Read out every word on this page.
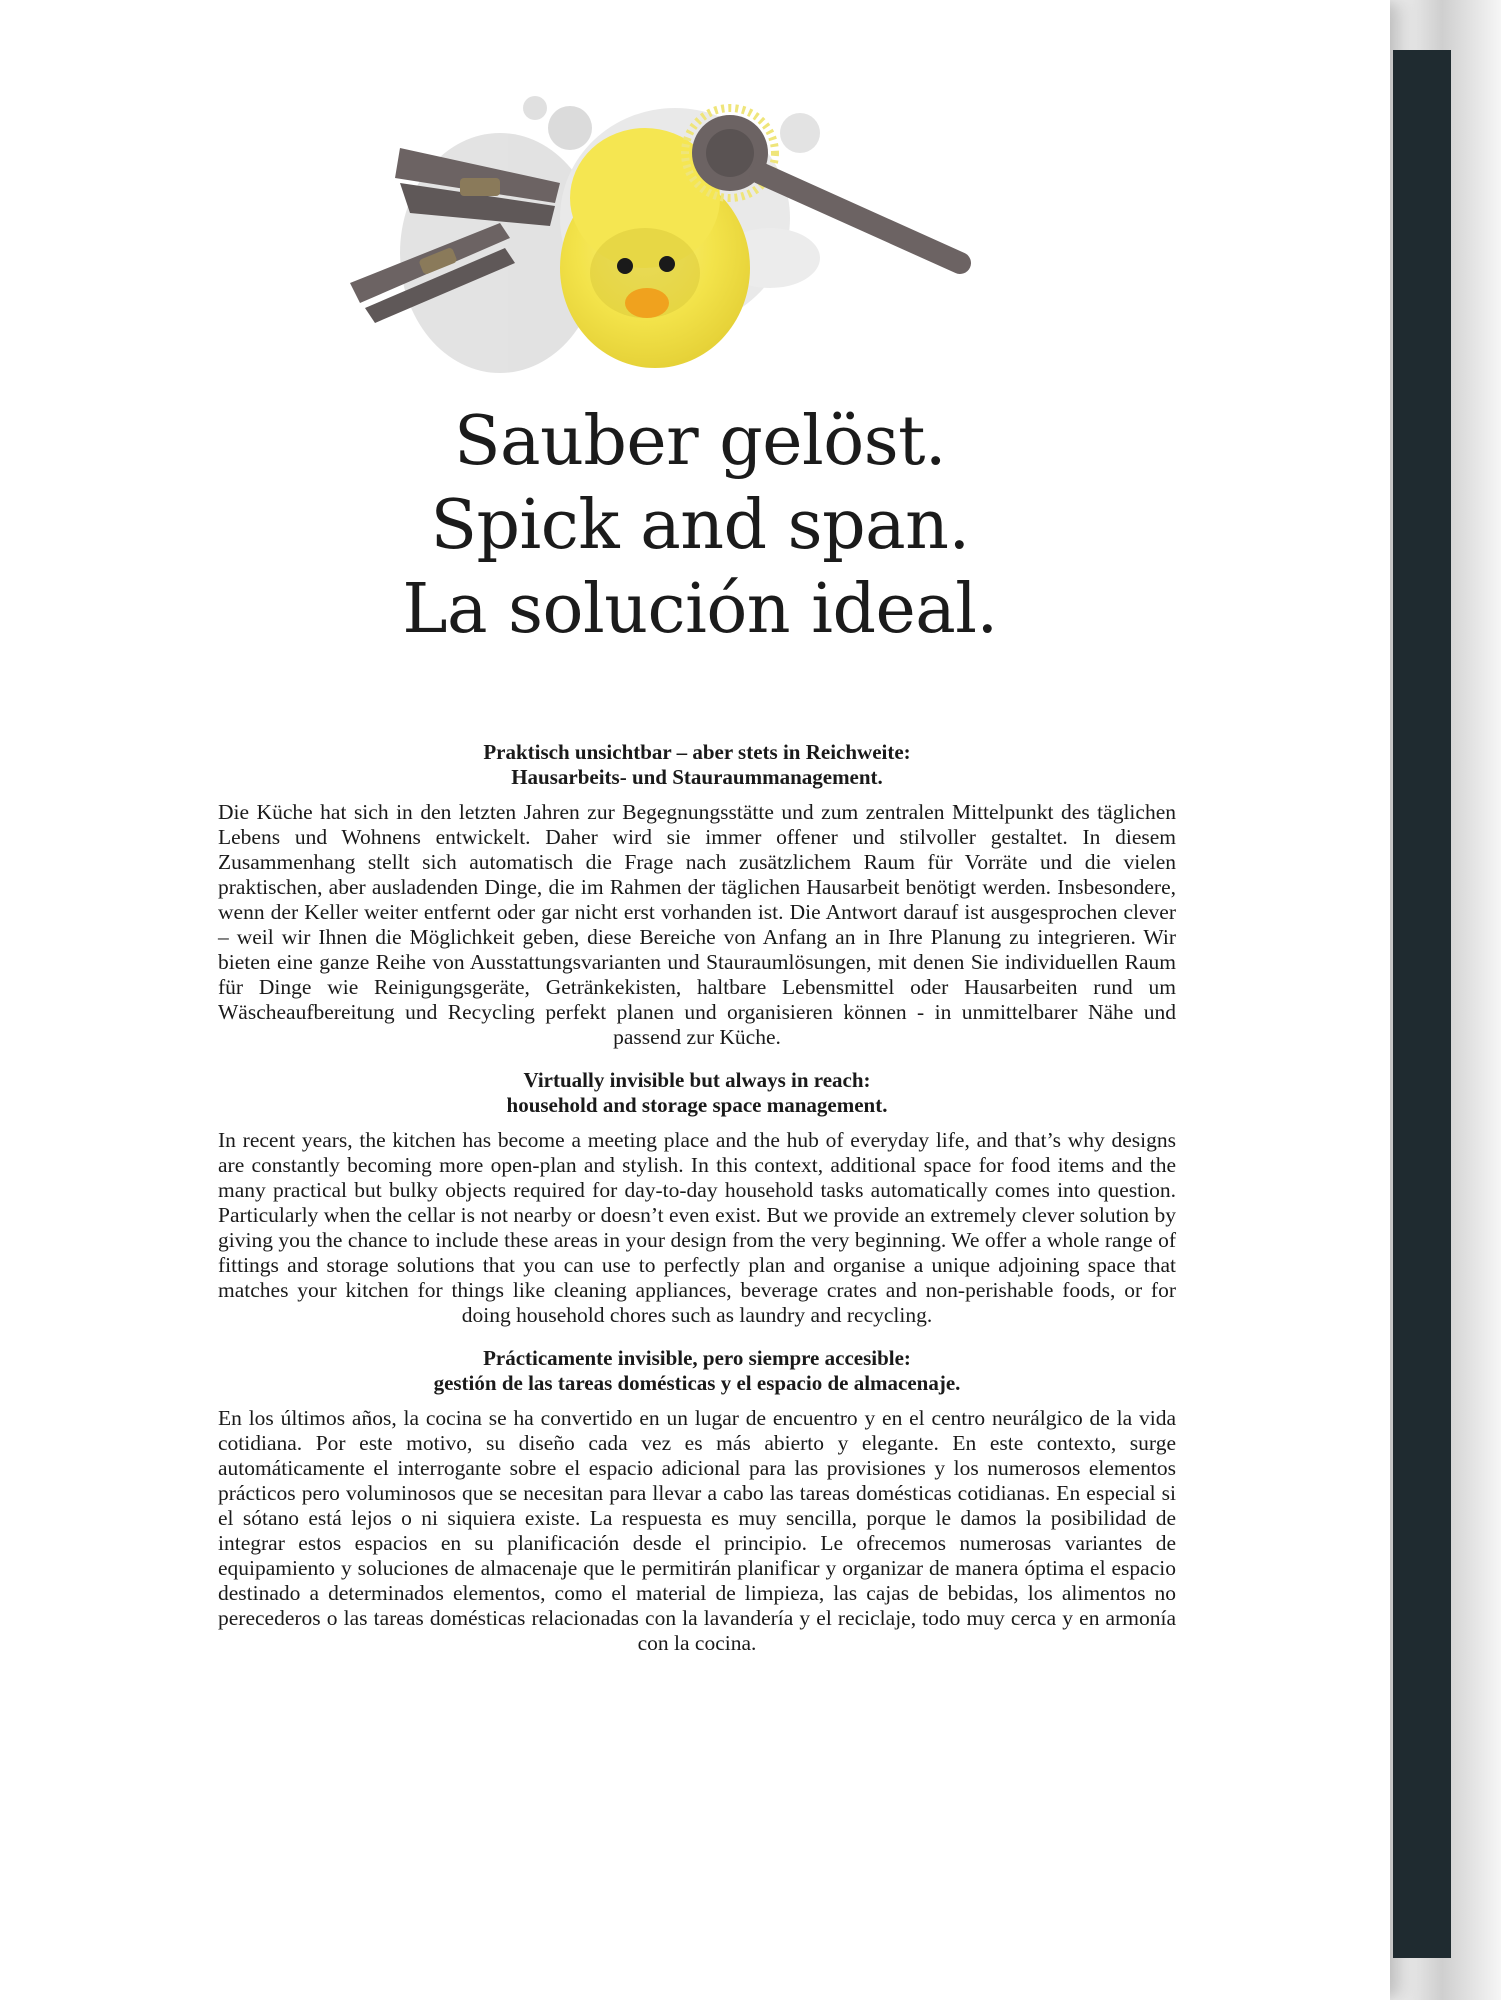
Sauber gelöst.
Spick and span.
La solución ideal.

Praktisch unsichtbar – aber stets in Reichweite:
Hausarbeits- und Stauraummanagement.

Die Küche hat sich in den letzten Jahren zur Begegnungsstätte und zum zentralen Mittelpunkt des täglichen Lebens und Wohnens entwickelt. Daher wird sie immer offener und stilvoller gestaltet. In diesem Zusammenhang stellt sich automatisch die Frage nach zusätzlichem Raum für Vorräte und die vielen praktischen, aber ausladenden Dinge, die im Rahmen der täglichen Hausarbeit benötigt werden. Insbesondere, wenn der Keller weiter entfernt oder gar nicht erst vorhanden ist. Die Antwort darauf ist ausgesprochen clever – weil wir Ihnen die Möglichkeit geben, diese Bereiche von Anfang an in Ihre Planung zu integrieren. Wir bieten eine ganze Reihe von Ausstattungsvarianten und Stauraumlösungen, mit denen Sie individuellen Raum für Dinge wie Reinigungsgeräte, Getränkekisten, haltbare Lebensmittel oder Hausarbeiten rund um Wäscheaufbereitung und Recycling perfekt planen und organisieren können - in unmittelbarer Nähe und passend zur Küche.

Virtually invisible but always in reach:
household and storage space management.

In recent years, the kitchen has become a meeting place and the hub of everyday life, and that’s why designs are constantly becoming more open-plan and stylish. In this context, additional space for food items and the many practical but bulky objects required for day-to-day household tasks automatically comes into question. Particularly when the cellar is not nearby or doesn’t even exist. But we provide an extremely clever solution by giving you the chance to include these areas in your design from the very beginning. We offer a whole range of fittings and storage solutions that you can use to perfectly plan and organise a unique adjoining space that matches your kitchen for things like cleaning appliances, beverage crates and non-perishable foods, or for doing household chores such as laundry and recycling.

Prácticamente invisible, pero siempre accesible:
gestión de las tareas domésticas y el espacio de almacenaje.

En los últimos años, la cocina se ha convertido en un lugar de encuentro y en el centro neurálgico de la vida cotidiana. Por este motivo, su diseño cada vez es más abierto y elegante. En este contexto, surge automáticamente el interrogante sobre el espacio adicional para las provisiones y los numerosos elementos prácticos pero voluminosos que se necesitan para llevar a cabo las tareas domésticas cotidianas. En especial si el sótano está lejos o ni siquiera existe. La respuesta es muy sencilla, porque le damos la posibilidad de integrar estos espacios en su planificación desde el principio. Le ofrecemos numerosas variantes de equipamiento y soluciones de almacenaje que le permitirán planificar y organizar de manera óptima el espacio destinado a determinados elementos, como el material de limpieza, las cajas de bebidas, los alimentos no perecederos o las tareas domésticas relacionadas con la lavandería y el reciclaje, todo muy cerca y en armonía con la cocina.
